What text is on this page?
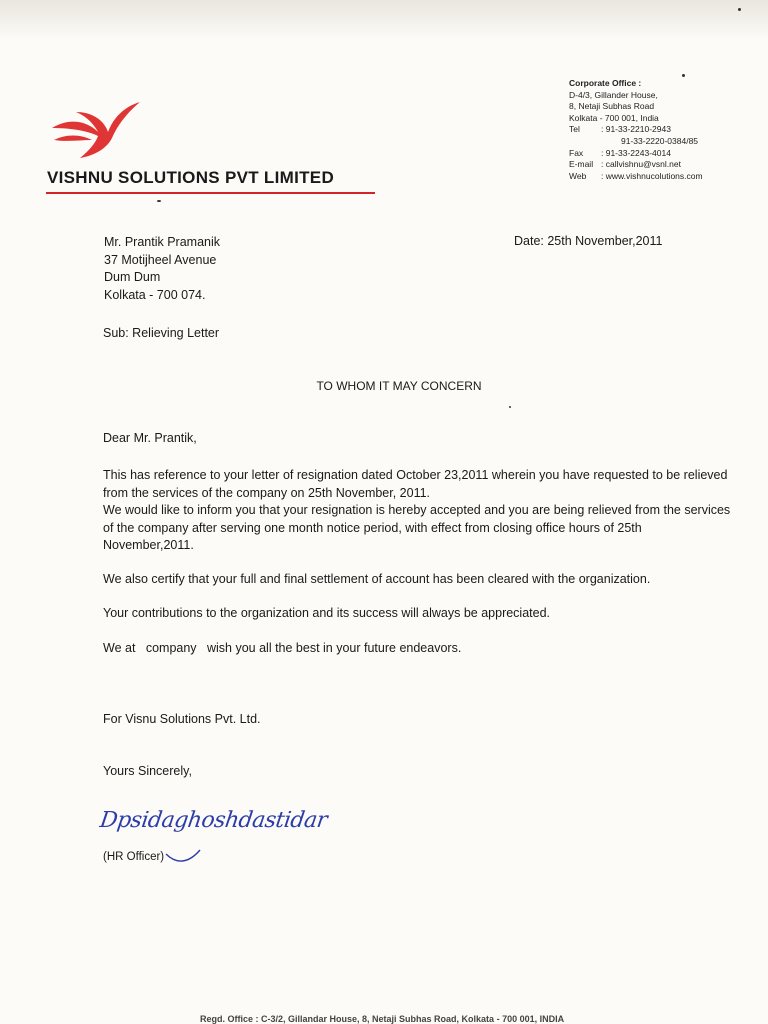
VISHNU SOLUTIONS PVT LIMITED
Corporate Office :
D-4/3, Gillander House,
8, Netaji Subhas Road
Kolkata - 700 001, India
Tel	: 91-33-2210-2943
91-33-2220-0384/85
Fax	: 91-33-2243-4014
E-mail : callvishnu@vsnl.net
Web	: www.vishnucolutions.com
Mr. Prantik Pramanik
37 Motijheel Avenue
Dum Dum
Kolkata - 700 074.
Date: 25th November,2011
Sub: Relieving Letter
TO WHOM IT MAY CONCERN
Dear Mr. Prantik,

This has reference to your letter of resignation dated October 23,2011 wherein you have requested to be relieved from the services of the company on 25th November, 2011.

We would like to inform you that your resignation is hereby accepted and you are being relieved from the services of the company after serving one month notice period, with effect from closing office hours of 25th November,2011.

We also certify that your full and final settlement of account has been cleared with the organization.
Your contributions to the organization and its success will always be appreciated.
We at   company   wish you all the best in your future endeavors.
For Visnu Solutions Pvt. Ltd.
Yours Sincerely,
Dpsidaghoshdastidar
(HR Officer)
Regd. Office : C-3/2, Gillandar House, 8, Netaji Subhas Road, Kolkata - 700 001, INDIA
